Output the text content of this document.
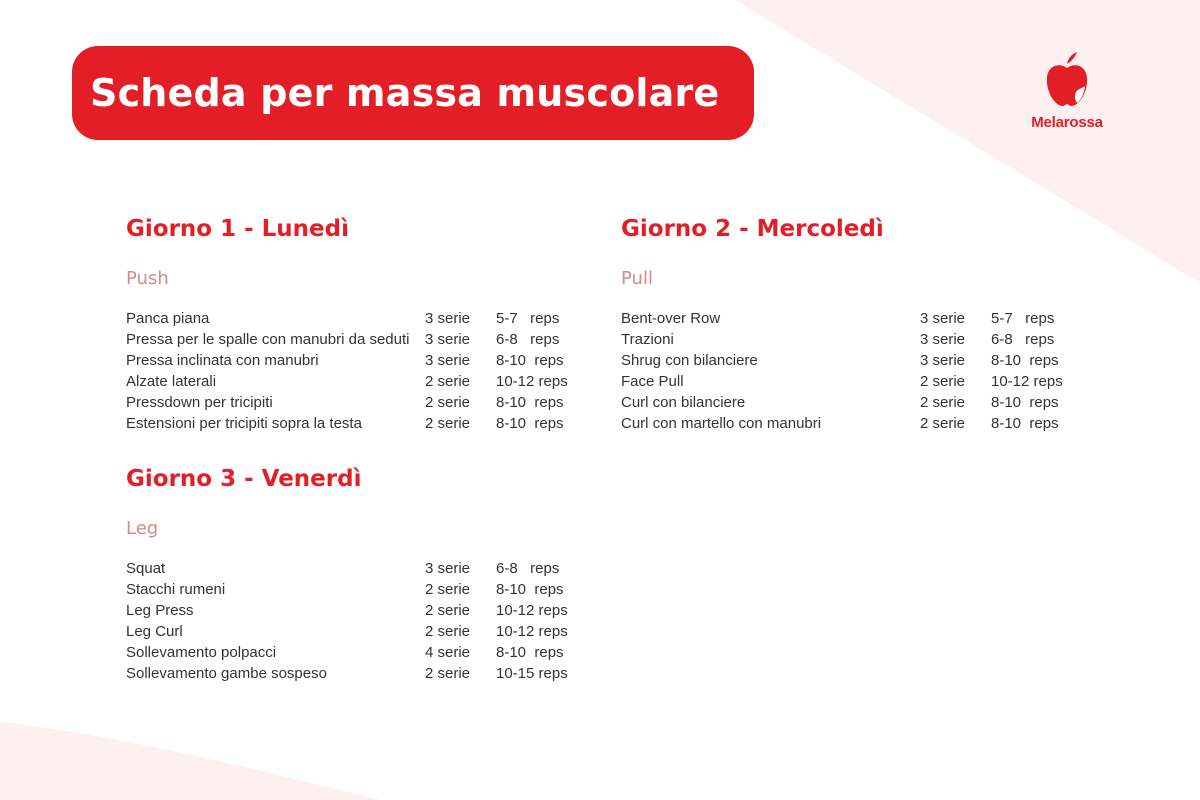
Scheda per massa muscolare
Melarossa
Giorno 1 - Lunedì
Push
Panca piana	3 serie	5-7   reps
Pressa per le spalle con manubri da seduti	3 serie	6-8   reps
Pressa inclinata con manubri	3 serie	8-10  reps
Alzate laterali	2 serie	10-12 reps
Pressdown per tricipiti	2 serie	8-10  reps
Estensioni per tricipiti sopra la testa	2 serie	8-10  reps
Giorno 2 - Mercoledì
Pull
Bent-over Row	3 serie	5-7   reps
Trazioni	3 serie	6-8   reps
Shrug con bilanciere	3 serie	8-10  reps
Face Pull	2 serie	10-12 reps
Curl con bilanciere	2 serie	8-10  reps
Curl con martello con manubri	2 serie	8-10  reps
Giorno 3 - Venerdì
Leg
Squat	3 serie	6-8   reps
Stacchi rumeni	2 serie	8-10  reps
Leg Press	2 serie	10-12 reps
Leg Curl	2 serie	10-12 reps
Sollevamento polpacci	4 serie	8-10  reps
Sollevamento gambe sospeso	2 serie	10-15 reps
